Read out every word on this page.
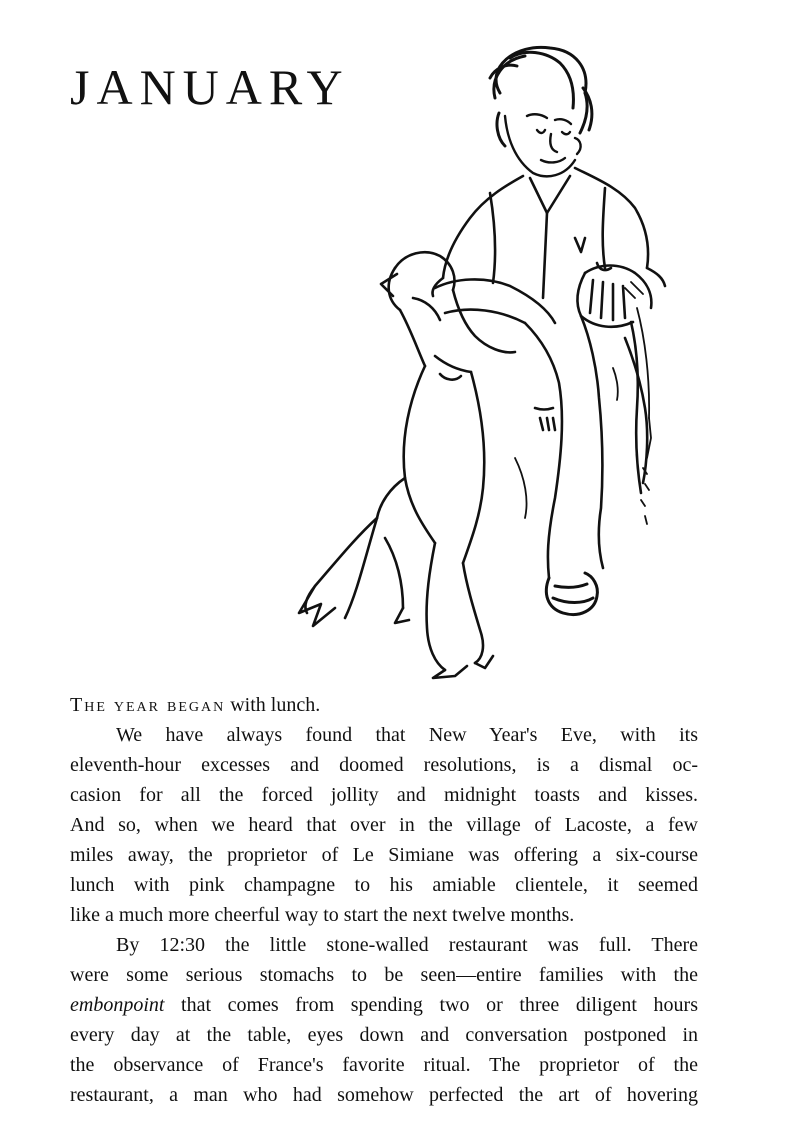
JANUARY

The year began with lunch.

We have always found that New Year's Eve, with its
eleventh-hour excesses and doomed resolutions, is a dismal oc-
casion for all the forced jollity and midnight toasts and kisses.
And so, when we heard that over in the village of Lacoste, a few
miles away, the proprietor of Le Simiane was offering a six-course
lunch with pink champagne to his amiable clientele, it seemed
like a much more cheerful way to start the next twelve months.

By 12:30 the little stone-walled restaurant was full. There
were some serious stomachs to be seen—entire families with the
embonpoint that comes from spending two or three diligent hours
every day at the table, eyes down and conversation postponed in
the observance of France's favorite ritual. The proprietor of the
restaurant, a man who had somehow perfected the art of hovering
